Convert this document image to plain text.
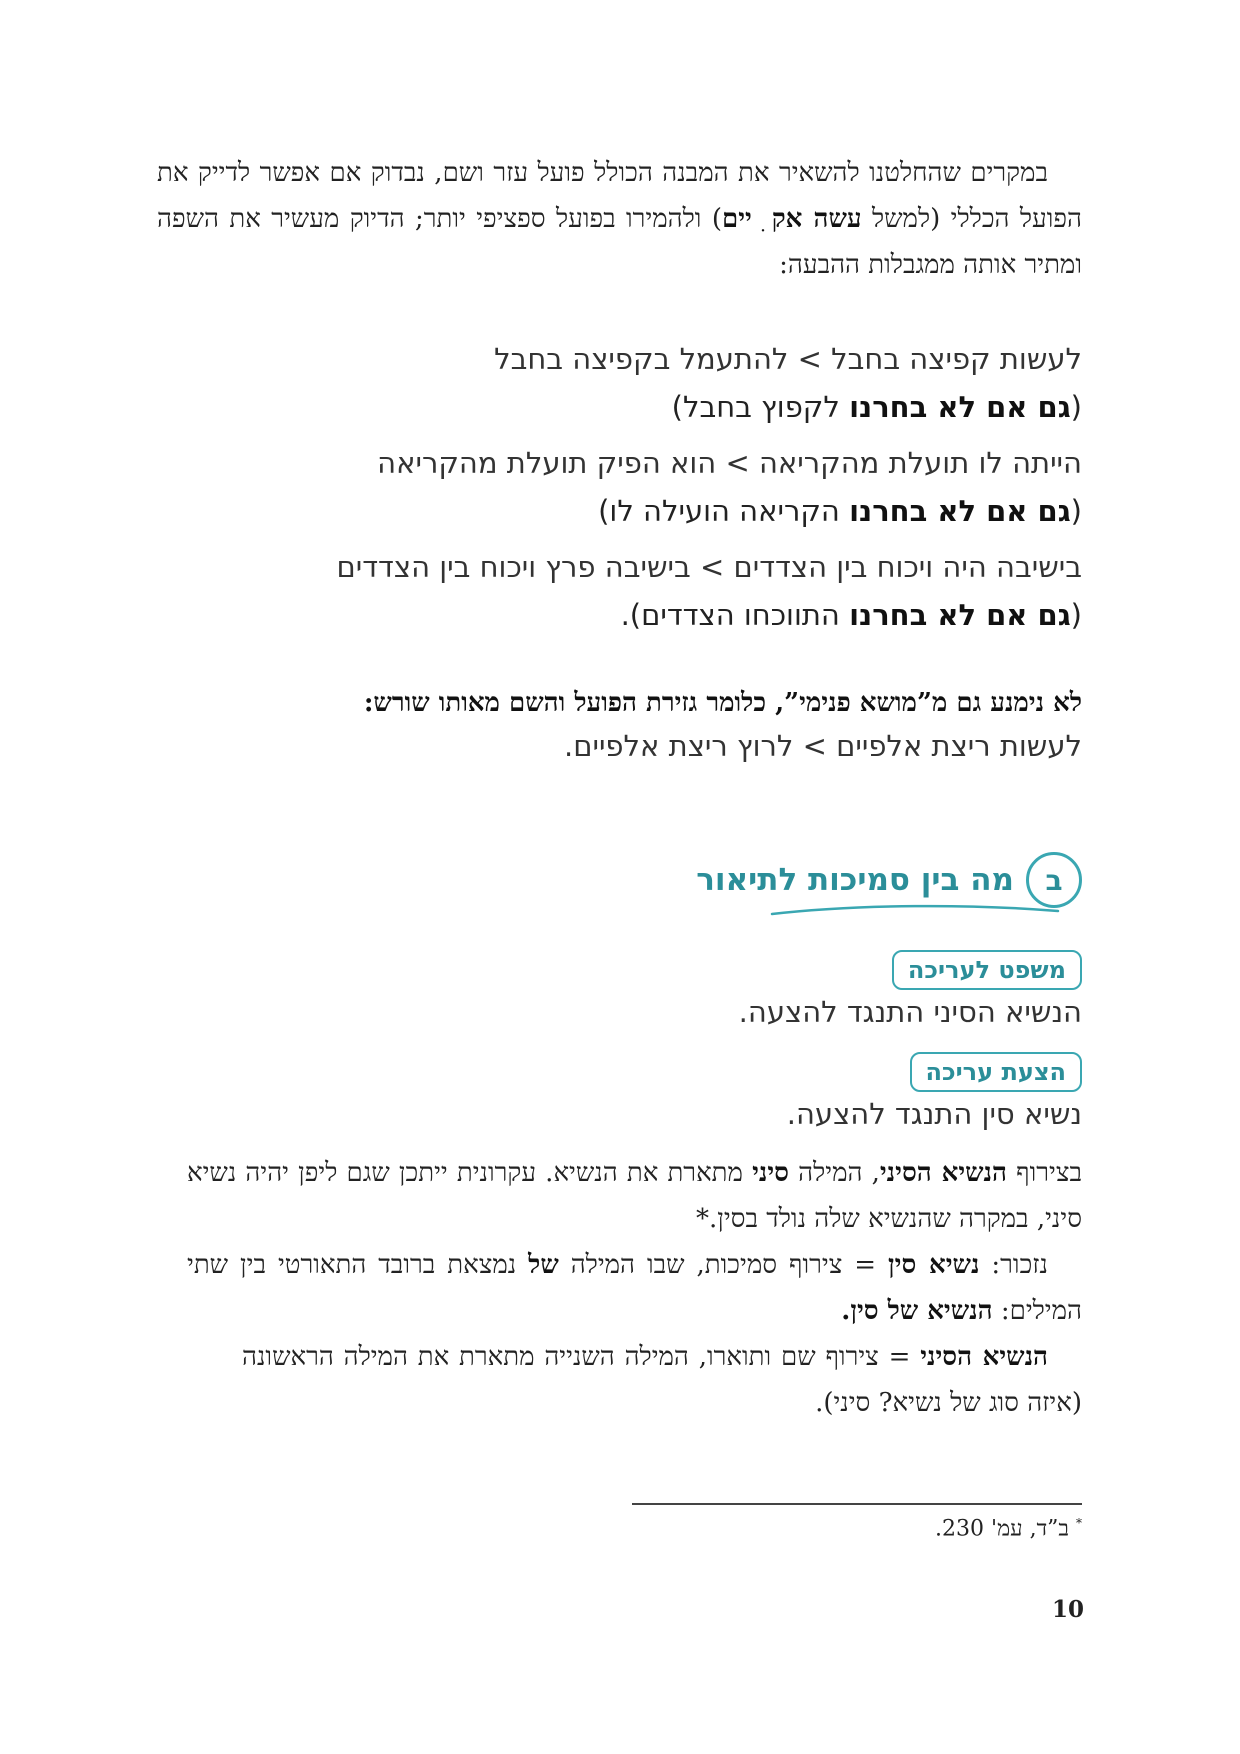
במקרים שהחלטנו להשאיר את המבנה הכולל פועל עזר ושם, נבדוק אם אפשר לדייק את הפועל הכללי (למשל עשה אק ִ יים) ולהמירו בפועל ספציפי יותר; הדיוק מעשיר את השפה ומתיר אותה ממגבלות ההבעה:

לעשות קפיצה בחבל > להתעמל בקפיצה בחבל
(גם אם לא בחרנו לקפוץ בחבל)
הייתה לו תועלת מהקריאה > הוא הפיק תועלת מהקריאה
(גם אם לא בחרנו הקריאה הועילה לו)
בישיבה היה ויכוח בין הצדדים > בישיבה פרץ ויכוח בין הצדדים
(גם אם לא בחרנו התווכחו הצדדים).

לא נימנע גם מ”מושא פנימי”, כלומר גזירת הפועל והשם מאותו שורש:

לעשות ריצת אלפיים > לרוץ ריצת אלפיים.

ב
מה בין סמיכות לתיאור
משפט לעריכה

הנשיא הסיני התנגד להצעה.

הצעת עריכה

נשיא סין התנגד להצעה.

בצירוף הנשיא הסיני, המילה סיני מתארת את הנשיא. עקרונית ייתכן שגם ליפן יהיה נשיא סיני, במקרה שהנשיא שלה נולד בסין.*

נזכור: נשיא סין = צירוף סמיכות, שבו המילה של נמצאת ברובד התאורטי בין שתי המילים: הנשיא של סין.

הנשיא הסיני = צירוף שם ותוארו, המילה השנייה מתארת את המילה הראשונה (איזה סוג של נשיא? סיני).

* ב”ד, עמ' 230.
10
